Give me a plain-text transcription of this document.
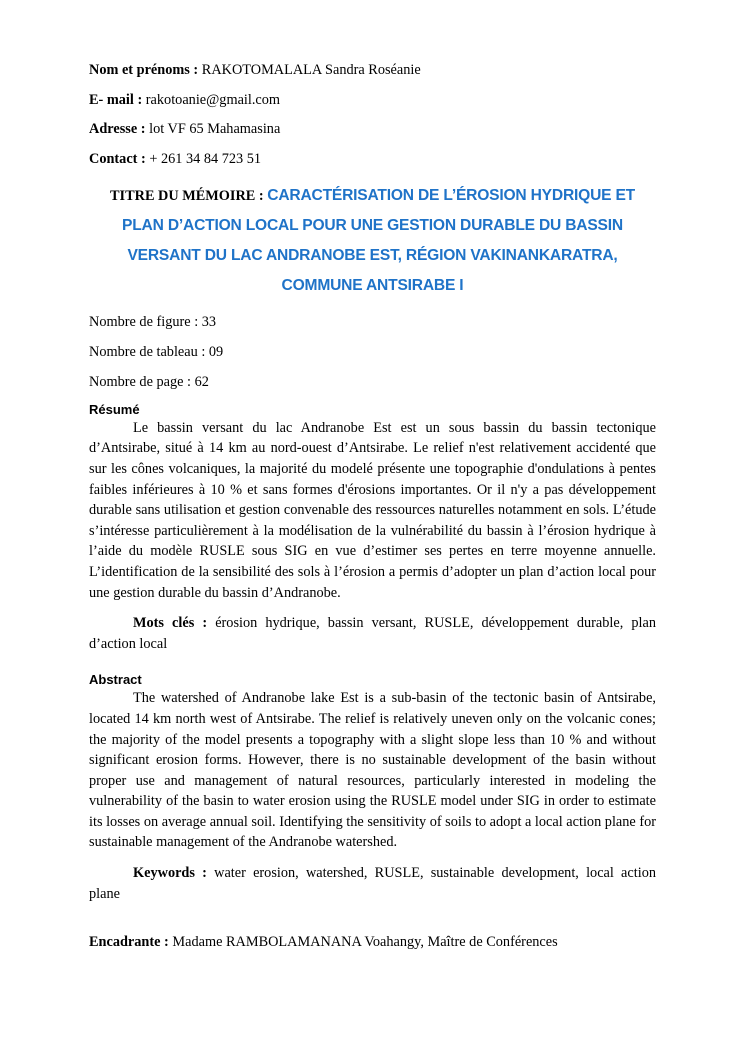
Nom et prénoms : RAKOTOMALALA Sandra Roséanie

E- mail : rakotoanie@gmail.com

Adresse : lot VF 65 Mahamasina

Contact : + 261 34 84 723 51

TITRE DU MÉMOIRE : CARACTÉRISATION DE L’ÉROSION HYDRIQUE ET PLAN D’ACTION LOCAL POUR UNE GESTION DURABLE DU BASSIN VERSANT DU LAC ANDRANOBE EST, RÉGION VAKINANKARATRA, COMMUNE ANTSIRABE I

Nombre de figure : 33

Nombre de tableau : 09

Nombre de page : 62

Résumé

Le bassin versant du lac Andranobe Est est un sous bassin du bassin tectonique d’Antsirabe, situé à 14 km au nord-ouest d’Antsirabe. Le relief n'est relativement accidenté que sur les cônes volcaniques, la majorité du modelé présente une topographie d'ondulations à pentes faibles inférieures à 10 % et sans formes d'érosions importantes. Or il n'y a pas développement durable sans utilisation et gestion convenable des ressources naturelles notamment en sols. L’étude s’intéresse particulièrement à la modélisation de la vulnérabilité du bassin à l’érosion hydrique à l’aide du modèle RUSLE sous SIG en vue d’estimer ses pertes en terre moyenne annuelle. L’identification de la sensibilité des sols à l’érosion a permis d’adopter un plan d’action local pour une gestion durable du bassin d’Andranobe.

Mots clés : érosion hydrique, bassin versant, RUSLE, développement durable, plan d’action local

Abstract

The watershed of Andranobe lake Est is a sub-basin of the tectonic basin of Antsirabe, located 14 km north west of Antsirabe. The relief is relatively uneven only on the volcanic cones; the majority of the model presents a topography with a slight slope less than 10 % and without significant erosion forms. However, there is no sustainable development of the basin without proper use and management of natural resources, particularly interested in modeling the vulnerability of the basin to water erosion using the RUSLE model under SIG in order to estimate its losses on average annual soil. Identifying the sensitivity of soils to adopt a local action plane for sustainable management of the Andranobe watershed.

Keywords : water erosion, watershed, RUSLE, sustainable development, local action plane

Encadrante : Madame RAMBOLAMANANA Voahangy, Maître de Conférences
